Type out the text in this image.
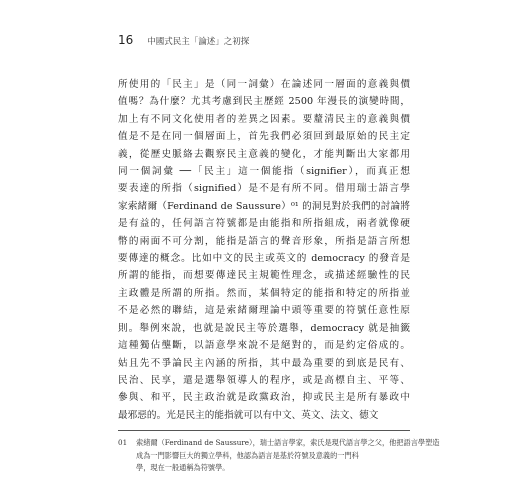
16 中國式民主「論述」之初探
所使用的「民主」是（同一詞彙）在論述同一層面的意義與價
值嗎？為什麼？尤其考慮到民主歷經 2500 年漫長的演變時間，
加上有不同文化使用者的差異之因素。要釐清民主的意義與價
值是不是在同一個層面上，首先我們必須回到最原始的民主定
義，從歷史脈絡去觀察民主意義的變化，才能判斷出大家都用
同一個詞彙 ──「民主」這一個能指（signifier），而真正想
要表達的所指（signified）是不是有所不同。借用瑞士語言學
家索緒爾（Ferdinand de Saussure）⁰¹ 的洞見對於我們的討論將
是有益的，任何語言符號都是由能指和所指組成，兩者就像硬
幣的兩面不可分割，能指是語言的聲音形象，所指是語言所想
要傳達的概念。比如中文的民主或英文的 democracy 的發音是
所謂的能指，而想要傳達民主規範性理念，或描述經驗性的民
主政體是所謂的所指。然而，某個特定的能指和特定的所指並
不是必然的聯結，這是索緒爾理論中頭等重要的符號任意性原
則。舉例來說，也就是說民主等於選舉，democracy 就是抽籤
這種獨佔壟斷，以語意學來說不是絕對的，而是約定俗成的。
姑且先不爭論民主內涵的所指，其中最為重要的到底是民有、
民治、民享，還是選舉領導人的程序，或是高標自主、平等、
參與、和平，民主政治就是政黨政治，抑或民主是所有暴政中
最邪惡的。光是民主的能指就可以有中文、英文、法文、德文
01	索緒爾（Ferdinand de Saussure），瑞士語言學家，索氏是現代語言學之父，他把語言學塑造
成為一門影響巨大的獨立學科，他認為語言是基於符號及意義的一門科
學，現在一般通稱為符號學。
